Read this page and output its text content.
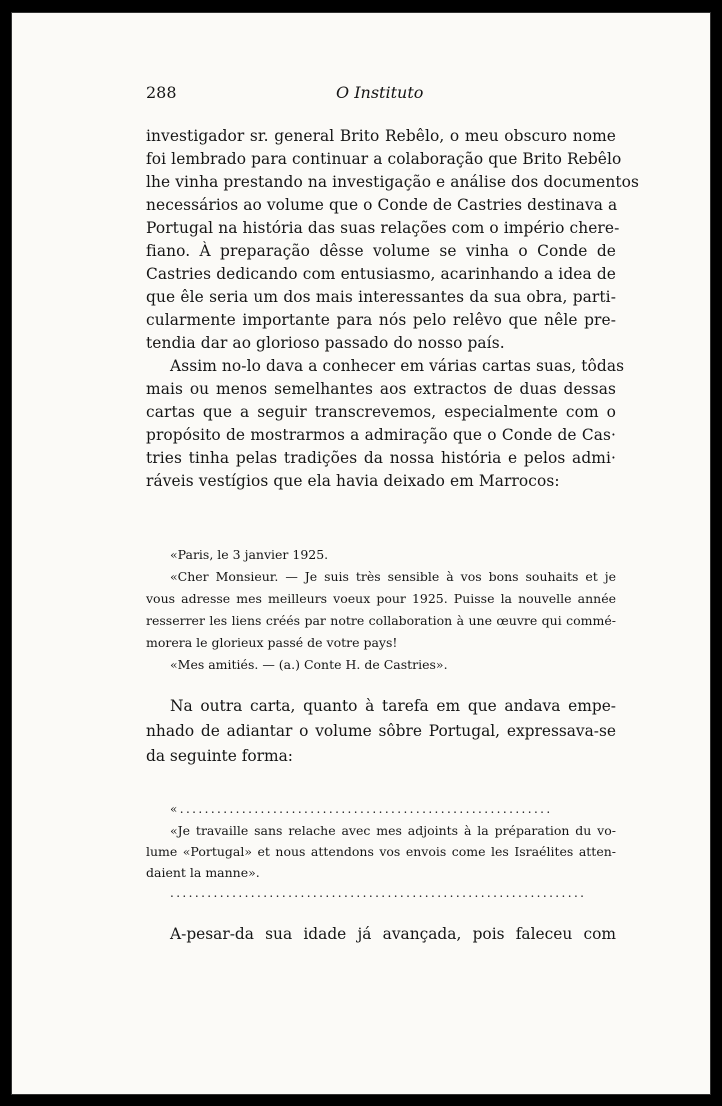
288	O Instituto
investigador sr. general Brito Rebêlo, o meu obscuro nome
foi lembrado para continuar a colaboração que Brito Rebêlo
lhe vinha prestando na investigação e análise dos documentos
necessários ao volume que o Conde de Castries destinava a
Portugal na história das suas relações com o império chere-
fiano. À preparação dêsse volume se vinha o Conde de
Castries dedicando com entusiasmo, acarinhando a idea de
que êle seria um dos mais interessantes da sua obra, parti-
cularmente importante para nós pelo relêvo que nêle pre-
tendia dar ao glorioso passado do nosso país.
Assim no-lo dava a conhecer em várias cartas suas, tôdas
mais ou menos semelhantes aos extractos de duas dessas
cartas que a seguir transcrevemos, especialmente com o
propósito de mostrarmos a admiração que o Conde de Cas·
tries tinha pelas tradições da nossa história e pelos admi·
ráveis vestígios que ela havia deixado em Marrocos:
«Paris, le 3 janvier 1925.
«Cher Monsieur. — Je suis très sensible à vos bons souhaits et je
vous adresse mes meilleurs voeux pour 1925. Puisse la nouvelle année
resserrer les liens créés par notre collaboration à une œuvre qui commé-
morera le glorieux passé de votre pays!
«Mes amitiés. — (a.) Conte H. de Castries».
Na outra carta, quanto à tarefa em que andava empe-
nhado de adiantar o volume sôbre Portugal, expressava-se
da seguinte forma:
«............................................................
«Je travaille sans relache avec mes adjoints à la préparation du vo-
lume «Portugal» et nous attendons vos envois come les Israélites atten-
daient la manne».
...................................................................
A-pesar-da sua idade já avançada, pois faleceu com
